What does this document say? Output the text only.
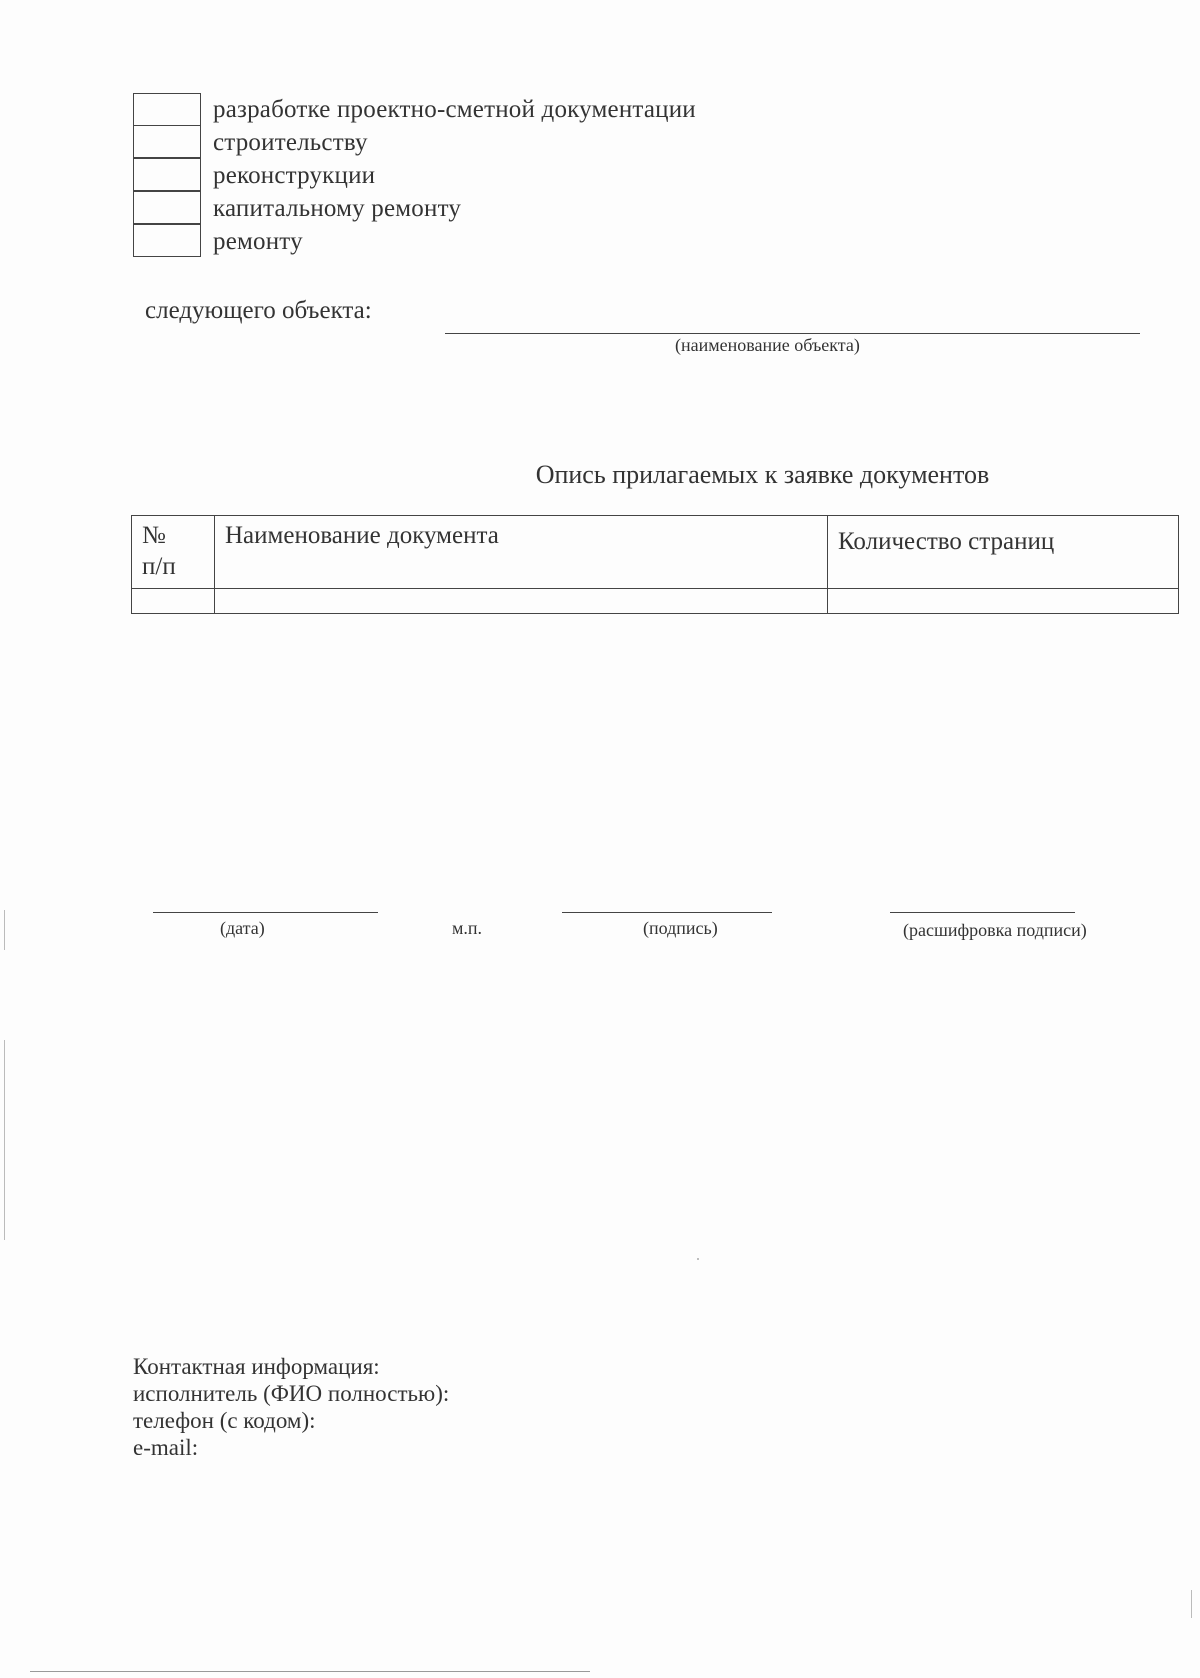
разработке проектно-сметной документации
строительству
реконструкции
капитальному ремонту
ремонту
следующего объекта:
(наименование объекта)
Опись прилагаемых к заявке документов
№
п/п	Наименование документа	Количество страниц

(дата)	м.п.	(подпись)	(расшифровка подписи)
Контактная информация:
исполнитель (ФИО полностью):
телефон (с кодом):
e-mail:
